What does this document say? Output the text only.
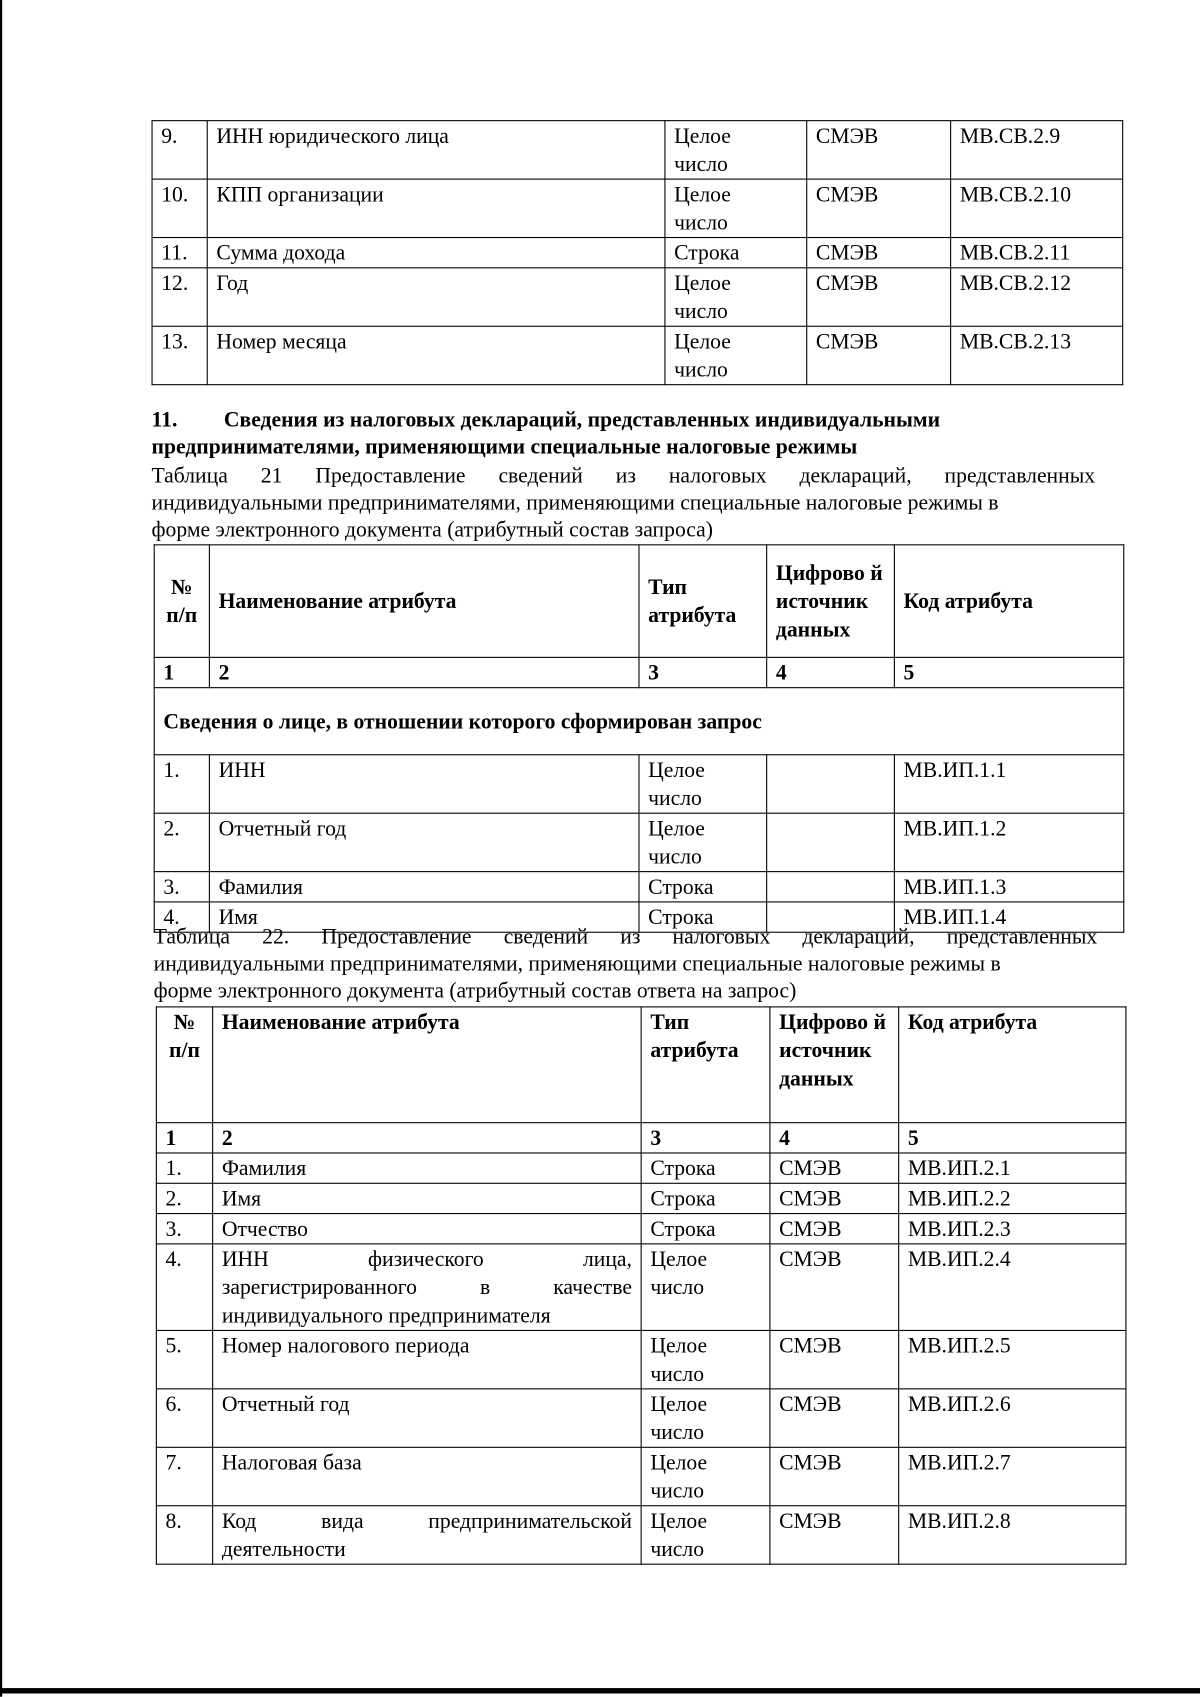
9.	ИНН юридического лица	Целое число	СМЭВ	МВ.СВ.2.9
10.	КПП организации	Целое число	СМЭВ	МВ.СВ.2.10
11.	Сумма дохода	Строка	СМЭВ	МВ.СВ.2.11
12.	Год	Целое число	СМЭВ	МВ.СВ.2.12
13.	Номер месяца	Целое число	СМЭВ	МВ.СВ.2.13
11. Сведения из налоговых деклараций, представленных индивидуальными
предпринимателями, применяющими специальные налоговые режимы
Таблица 21 Предоставление сведений из налоговых деклараций, представленных
индивидуальными предпринимателями, применяющими специальные налоговые режимы в
форме электронного документа (атрибутный состав запроса)
№ п/п	Наименование атрибута	Тип атрибута	Цифрово й источник данных	Код атрибута
1	2	3	4	5
Сведения о лице, в отношении которого сформирован запрос				
1.	ИНН	Целое число		МВ.ИП.1.1
2.	Отчетный год	Целое число		МВ.ИП.1.2
3.	Фамилия	Строка		МВ.ИП.1.3
4.	Имя	Строка		МВ.ИП.1.4
Таблица 22. Предоставление сведений из налоговых деклараций, представленных
индивидуальными предпринимателями, применяющими специальные налоговые режимы в
форме электронного документа (атрибутный состав ответа на запрос)
№ п/п	Наименование атрибута	Тип атрибута	Цифрово й источник данных	Код атрибута
1	2	3	4	5
1.	Фамилия	Строка	СМЭВ	МВ.ИП.2.1
2.	Имя	Строка	СМЭВ	МВ.ИП.2.2
3.	Отчество	Строка	СМЭВ	МВ.ИП.2.3
4.	ИНН физического лица, зарегистрированного в качестве индивидуального предпринимателя	Целое число	СМЭВ	МВ.ИП.2.4
5.	Номер налогового периода	Целое число	СМЭВ	МВ.ИП.2.5
6.	Отчетный год	Целое число	СМЭВ	МВ.ИП.2.6
7.	Налоговая база	Целое число	СМЭВ	МВ.ИП.2.7
8.	Код вида предпринимательской деятельности	Целое число	СМЭВ	МВ.ИП.2.8
